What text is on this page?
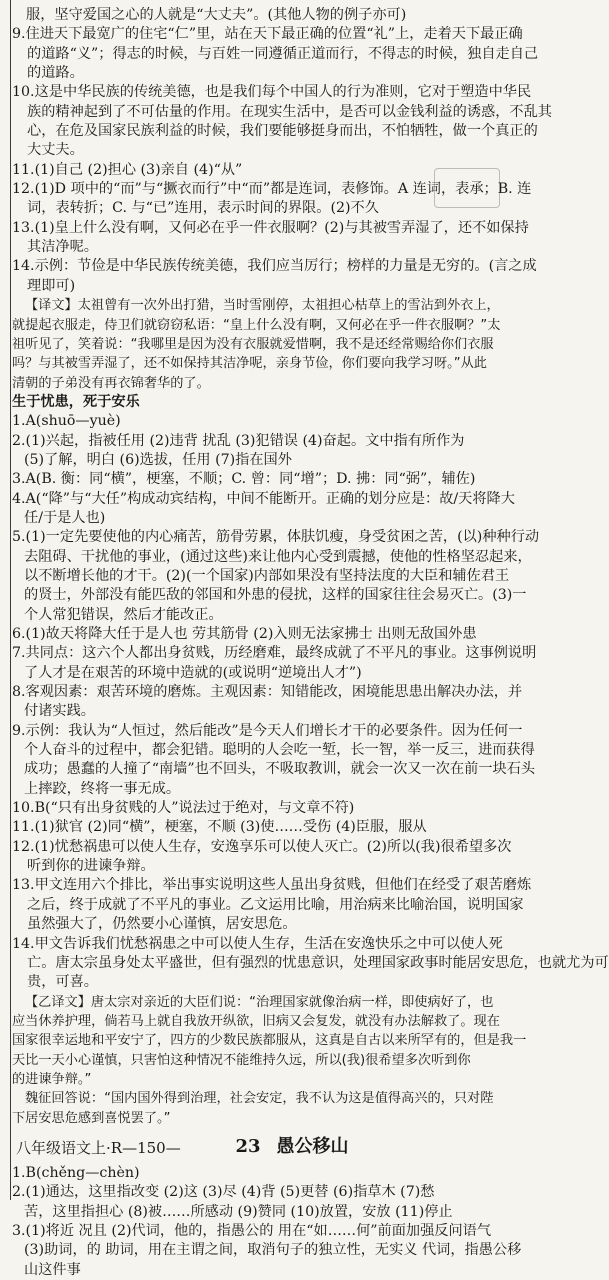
服，坚守爱国之心的人就是“大丈夫”。(其他人物的例子亦可)
9.住进天下最宽广的住宅“仁”里，站在天下最正确的位置“礼”上，走着天下最正确
的道路“义”；得志的时候，与百姓一同遵循正道而行，不得志的时候，独自走自己
的道路。
10.这是中华民族的传统美德，也是我们每个中国人的行为准则，它对于塑造中华民
族的精神起到了不可估量的作用。在现实生活中，是否可以金钱利益的诱惑，不乱其
心，在危及国家民族利益的时候，我们要能够挺身而出，不怕牺牲，做一个真正的
大丈夫。
11.(1)自己 (2)担心 (3)亲自 (4)“从”
12.(1)D 项中的“而”与“撅衣而行”中“而”都是连词，表修饰。A 连词，表承；B. 连
词，表转折；C. 与“已”连用，表示时间的界限。(2)不久
13.(1)皇上什么没有啊，又何必在乎一件衣服啊？(2)与其被雪弄湿了，还不如保持
其洁净呢。
14.示例：节俭是中华民族传统美德，我们应当厉行；榜样的力量是无穷的。(言之成
理即可)
【译文】太祖曾有一次外出打猎，当时雪刚停，太祖担心枯草上的雪沾到外衣上，
就提起衣服走，侍卫们就窃窃私语：“皇上什么没有啊，又何必在乎一件衣服啊？”太
祖听见了，笑着说：“我哪里是因为没有衣服就爱惜啊，我不是还经常赐给你们衣服
吗？与其被雪弄湿了，还不如保持其洁净呢，亲身节俭，你们要向我学习呀。”从此
清朝的子弟没有再衣锦奢华的了。
生于忧患，死于安乐
1.A(shuō—yuè)
2.(1)兴起，指被任用 (2)违背 扰乱 (3)犯错误 (4)奋起。文中指有所作为
(5)了解，明白 (6)选拔，任用 (7)指在国外
3.A(B. 衡：同“横”，梗塞，不顺；C. 曾：同“增”；D. 拂：同“弼”，辅佐)
4.A(“降”与“大任”构成动宾结构，中间不能断开。正确的划分应是：故/天将降大
任/于是人也)
5.(1)一定先要使他的内心痛苦，筋骨劳累，体肤饥瘦，身受贫困之苦，(以)种种行动
去阻碍、干扰他的事业，(通过这些)来让他内心受到震撼，使他的性格坚忍起来，
以不断增长他的才干。(2)(一个国家)内部如果没有坚持法度的大臣和辅佐君王
的贤士，外部没有能匹敌的邻国和外患的侵扰，这样的国家往往会易灭亡。(3)一
个人常犯错误，然后才能改正。
6.(1)故天将降大任于是人也 劳其筋骨 (2)入则无法家拂士 出则无敌国外患
7.共同点：这六个人都出身贫贱，历经磨难，最终成就了不平凡的事业。这事例说明
了人才是在艰苦的环境中造就的(或说明“逆境出人才”)
8.客观因素：艰苦环境的磨炼。主观因素：知错能改，困境能思患出解决办法，并
付诸实践。
9.示例：我认为“人恒过，然后能改”是今天人们增长才干的必要条件。因为任何一
个人奋斗的过程中，都会犯错。聪明的人会吃一堑，长一智，举一反三，进而获得
成功；愚蠢的人撞了“南墙”也不回头，不吸取教训，就会一次又一次在前一块石头
上摔跤，终将一事无成。
10.B(“只有出身贫贱的人”说法过于绝对，与文章不符)
11.(1)狱官 (2)同“横”，梗塞，不顺 (3)使……受伤 (4)臣服，服从
12.(1)忧愁祸患可以使人生存，安逸享乐可以使人灭亡。(2)所以(我)很希望多次
听到你的进谏争辩。
13.甲文连用六个排比，举出事实说明这些人虽出身贫贱，但他们在经受了艰苦磨炼
之后，终于成就了不平凡的事业。乙文运用比喻，用治病来比喻治国，说明国家
虽然强大了，仍然要小心谨慎，居安思危。
14.甲文告诉我们忧愁祸患之中可以使人生存，生活在安逸快乐之中可以使人死
亡。唐太宗虽身处太平盛世，但有强烈的忧患意识，处理国家政事时能居安思危，也就尤为可
贵，可喜。
【乙译文】唐太宗对亲近的大臣们说：“治理国家就像治病一样，即使病好了，也
应当休养护理，倘若马上就自我放开纵欲，旧病又会复发，就没有办法解救了。现在
国家很幸运地和平安宁了，四方的少数民族都服从，这真是自古以来所罕有的，但是我一
天比一天小心谨慎，只害怕这种情况不能维持久远，所以(我)很希望多次听到你
的进谏争辩。”
魏征回答说：“国内国外得到治理，社会安定，我不认为这是值得高兴的，只对陛
下居安思危感到喜悦罢了。”
23 愚公移山
1.B(chěng—chèn)
2.(1)通达，这里指改变 (2)这 (3)尽 (4)背 (5)更替 (6)指草木 (7)愁
苦，这里指担心 (8)被……所感动 (9)赞同 (10)放置，安放 (11)停止
3.(1)将近 况且 (2)代词，他的，指愚公的 用在“如……何”前面加强反问语气
(3)助词，的 助词，用在主谓之间，取消句子的独立性，无实义 代词，指愚公移
山这件事
八年级语文上·R—150—
